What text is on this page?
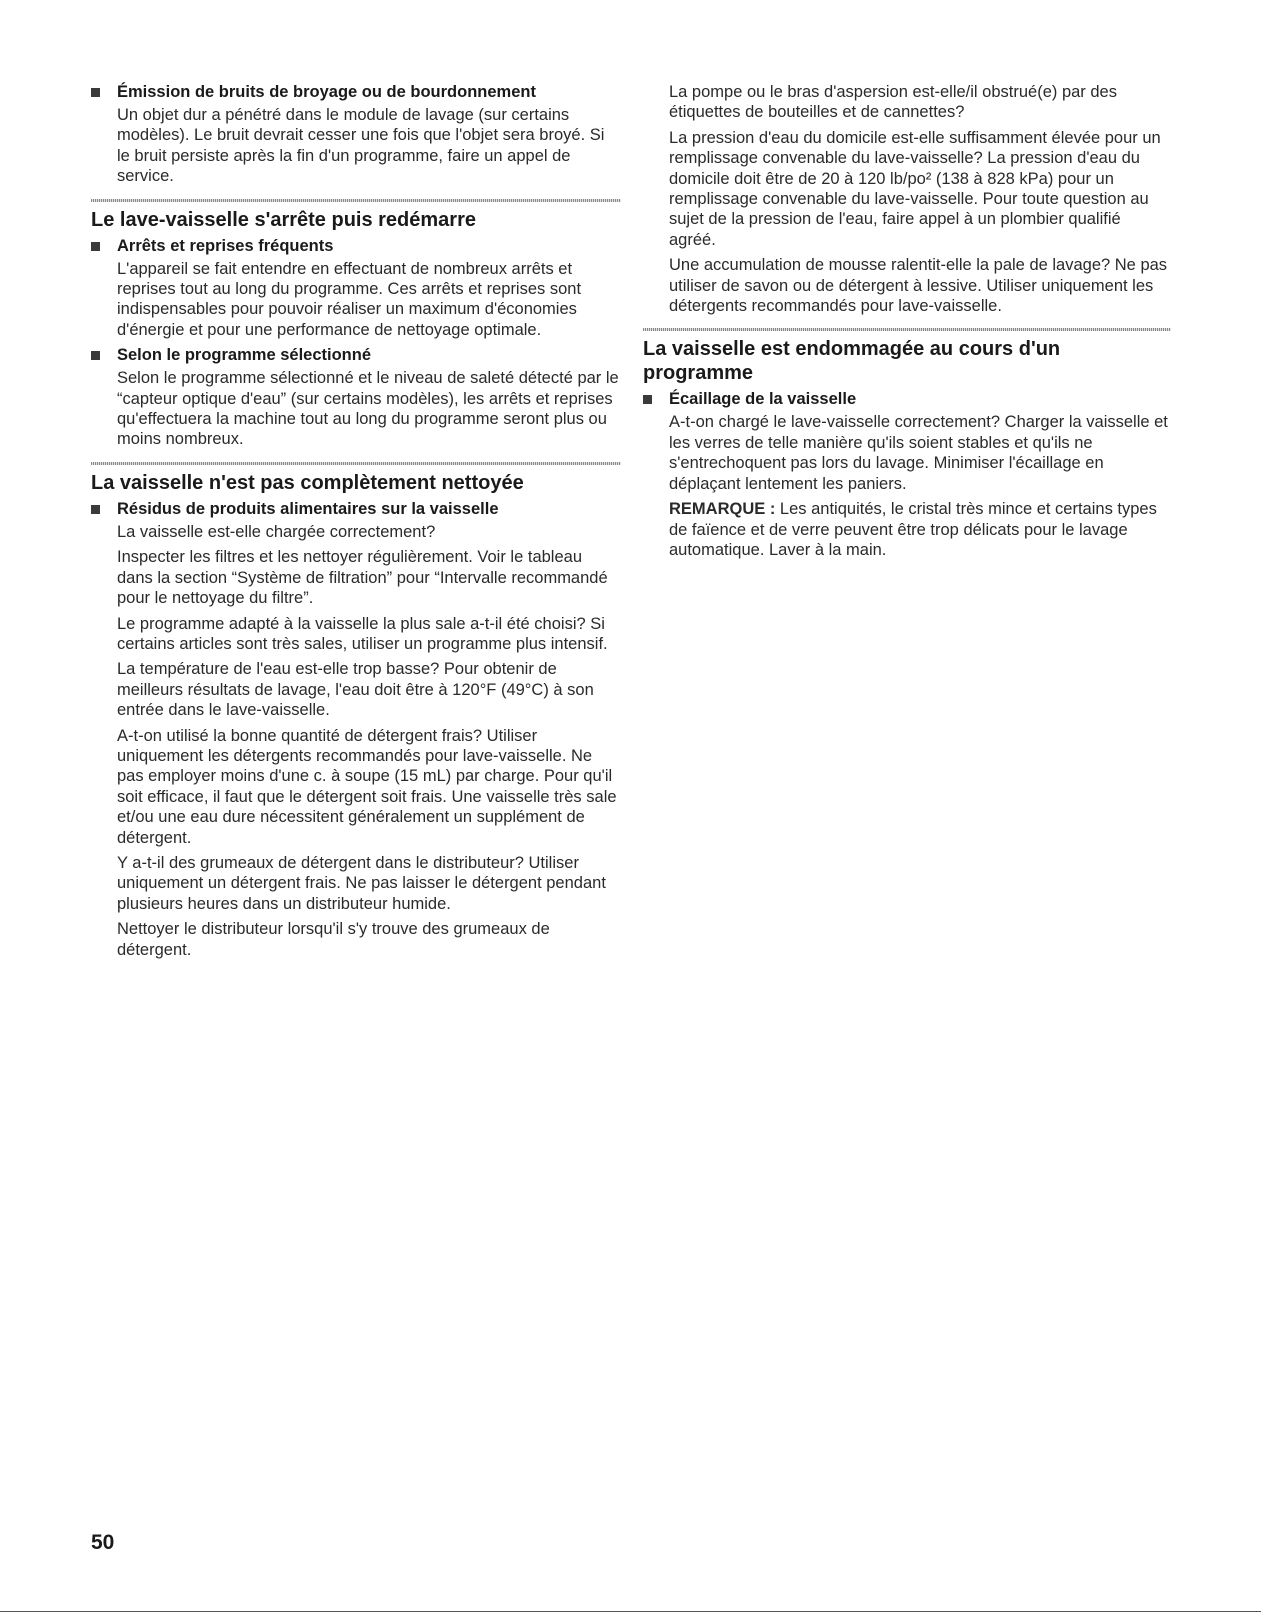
Émission de bruits de broyage ou de bourdonnement

Un objet dur a pénétré dans le module de lavage (sur certains modèles). Le bruit devrait cesser une fois que l'objet sera broyé. Si le bruit persiste après la fin d'un programme, faire un appel de service.

Le lave-vaisselle s'arrête puis redémarre
Arrêts et reprises fréquents

L'appareil se fait entendre en effectuant de nombreux arrêts et reprises tout au long du programme. Ces arrêts et reprises sont indispensables pour pouvoir réaliser un maximum d'économies d'énergie et pour une performance de nettoyage optimale.

Selon le programme sélectionné

Selon le programme sélectionné et le niveau de saleté détecté par le “capteur optique d'eau” (sur certains modèles), les arrêts et reprises qu'effectuera la machine tout au long du programme seront plus ou moins nombreux.

La vaisselle n'est pas complètement nettoyée
Résidus de produits alimentaires sur la vaisselle

La vaisselle est-elle chargée correctement?

Inspecter les filtres et les nettoyer régulièrement. Voir le tableau dans la section “Système de filtration” pour “Intervalle recommandé pour le nettoyage du filtre”.

Le programme adapté à la vaisselle la plus sale a-t-il été choisi? Si certains articles sont très sales, utiliser un programme plus intensif.

La température de l'eau est-elle trop basse? Pour obtenir de meilleurs résultats de lavage, l'eau doit être à 120°F (49°C) à son entrée dans le lave-vaisselle.

A-t-on utilisé la bonne quantité de détergent frais? Utiliser uniquement les détergents recommandés pour lave-vaisselle. Ne pas employer moins d'une c. à soupe (15 mL) par charge. Pour qu'il soit efficace, il faut que le détergent soit frais. Une vaisselle très sale et/ou une eau dure nécessitent généralement un supplément de détergent.

Y a-t-il des grumeaux de détergent dans le distributeur? Utiliser uniquement un détergent frais. Ne pas laisser le détergent pendant plusieurs heures dans un distributeur humide.

Nettoyer le distributeur lorsqu'il s'y trouve des grumeaux de détergent.

La pompe ou le bras d'aspersion est-elle/il obstrué(e) par des étiquettes de bouteilles et de cannettes?

La pression d'eau du domicile est-elle suffisamment élevée pour un remplissage convenable du lave-vaisselle? La pression d'eau du domicile doit être de 20 à 120 lb/po² (138 à 828 kPa) pour un remplissage convenable du lave-vaisselle. Pour toute question au sujet de la pression de l'eau, faire appel à un plombier qualifié agréé.

Une accumulation de mousse ralentit-elle la pale de lavage? Ne pas utiliser de savon ou de détergent à lessive. Utiliser uniquement les détergents recommandés pour lave-vaisselle.

La vaisselle est endommagée au cours d'un programme
Écaillage de la vaisselle

A-t-on chargé le lave-vaisselle correctement? Charger la vaisselle et les verres de telle manière qu'ils soient stables et qu'ils ne s'entrechoquent pas lors du lavage. Minimiser l'écaillage en déplaçant lentement les paniers.

REMARQUE : Les antiquités, le cristal très mince et certains types de faïence et de verre peuvent être trop délicats pour le lavage automatique. Laver à la main.

50
